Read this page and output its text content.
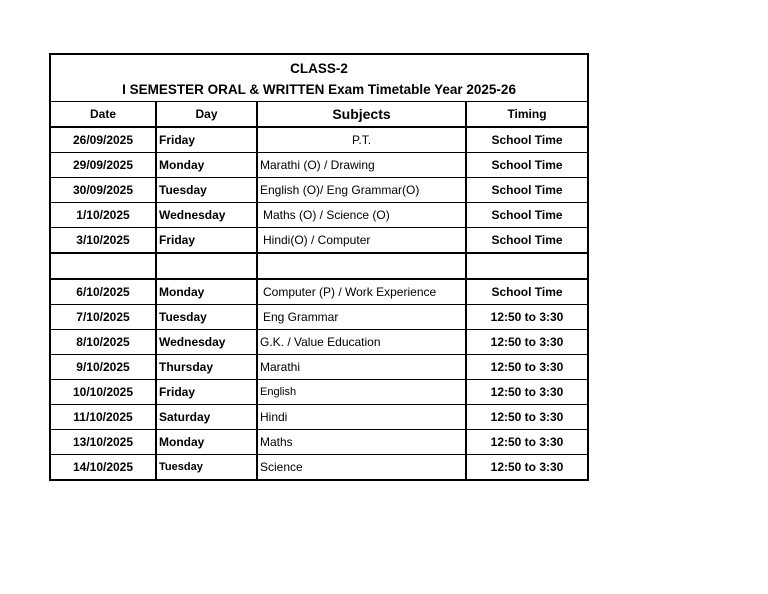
CLASS-2			
I SEMESTER ORAL & WRITTEN Exam Timetable Year 2025-26			
Date	Day	Subjects	Timing
26/09/2025	Friday	P.T.	School Time
29/09/2025	Monday	Marathi (O) / Drawing	School Time
30/09/2025	Tuesday	English (O)/ Eng Grammar(O)	School Time
1/10/2025	Wednesday	Maths (O) / Science (O)	School Time
3/10/2025	Friday	Hindi(O) / Computer	School Time

6/10/2025	Monday	Computer (P) / Work Experience	School Time
7/10/2025	Tuesday	Eng Grammar	12:50 to 3:30
8/10/2025	Wednesday	G.K. / Value Education	12:50 to 3:30
9/10/2025	Thursday	Marathi	12:50 to 3:30
10/10/2025	Friday	English	12:50 to 3:30
11/10/2025	Saturday	Hindi	12:50 to 3:30
13/10/2025	Monday	Maths	12:50 to 3:30
14/10/2025	Tuesday	Science	12:50 to 3:30
